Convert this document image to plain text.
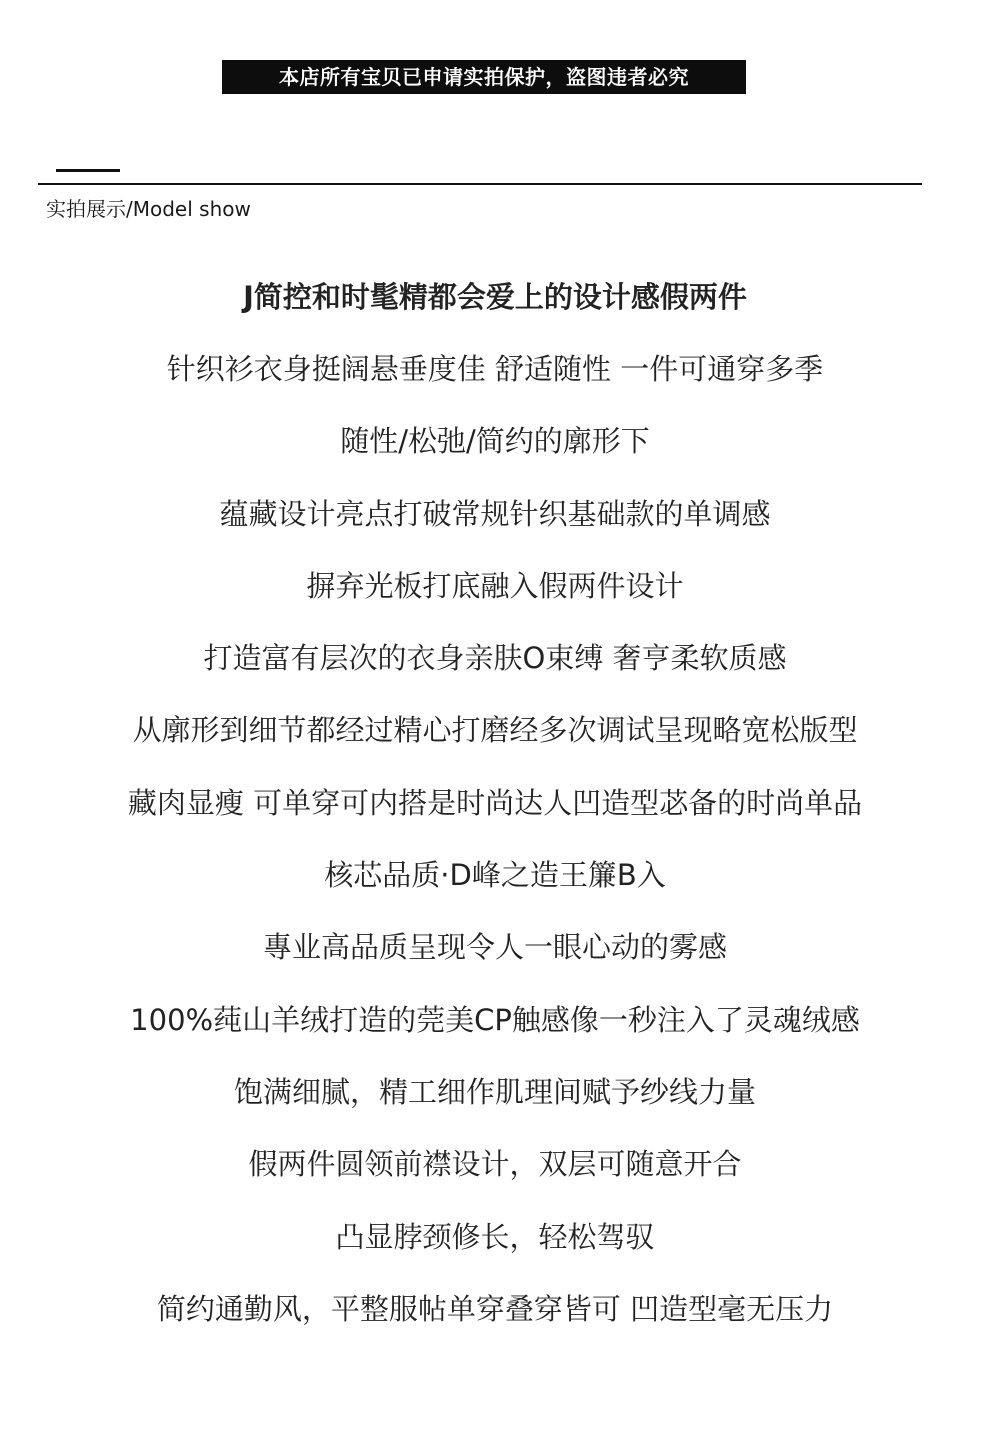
本店所有宝贝已申请实拍保护，盗图违者必究
实拍展示/Model show
J简控和时髦精都会爱上的设计感假两件
针织衫衣身挺阔悬垂度佳 舒适随性 一件可通穿多季
随性/松弛/简约的廓形下
蕴藏设计亮点打破常规针织基础款的单调感
摒弃光板打底融入假两件设计
打造富有层次的衣身亲肤O束缚 奢亨柔软质感
从廓形到细节都经过精心打磨经多次调试呈现略宽松版型
藏肉显瘦 可单穿可内搭是时尚达人凹造型苾备的时尚单品
核芯品质·D峰之造王簾B入
專业高品质呈现令人一眼心动的雾感
100%莼山羊绒打造的莞美CP触感像一秒注入了灵魂绒感
饱满细腻，精工细作肌理间赋予纱线力量
假两件圆领前襟设计，双层可随意开合
凸显脖颈修长，轻松驾驭
简约通勤风，平整服帖单穿叠穿皆可 凹造型毫无压力
